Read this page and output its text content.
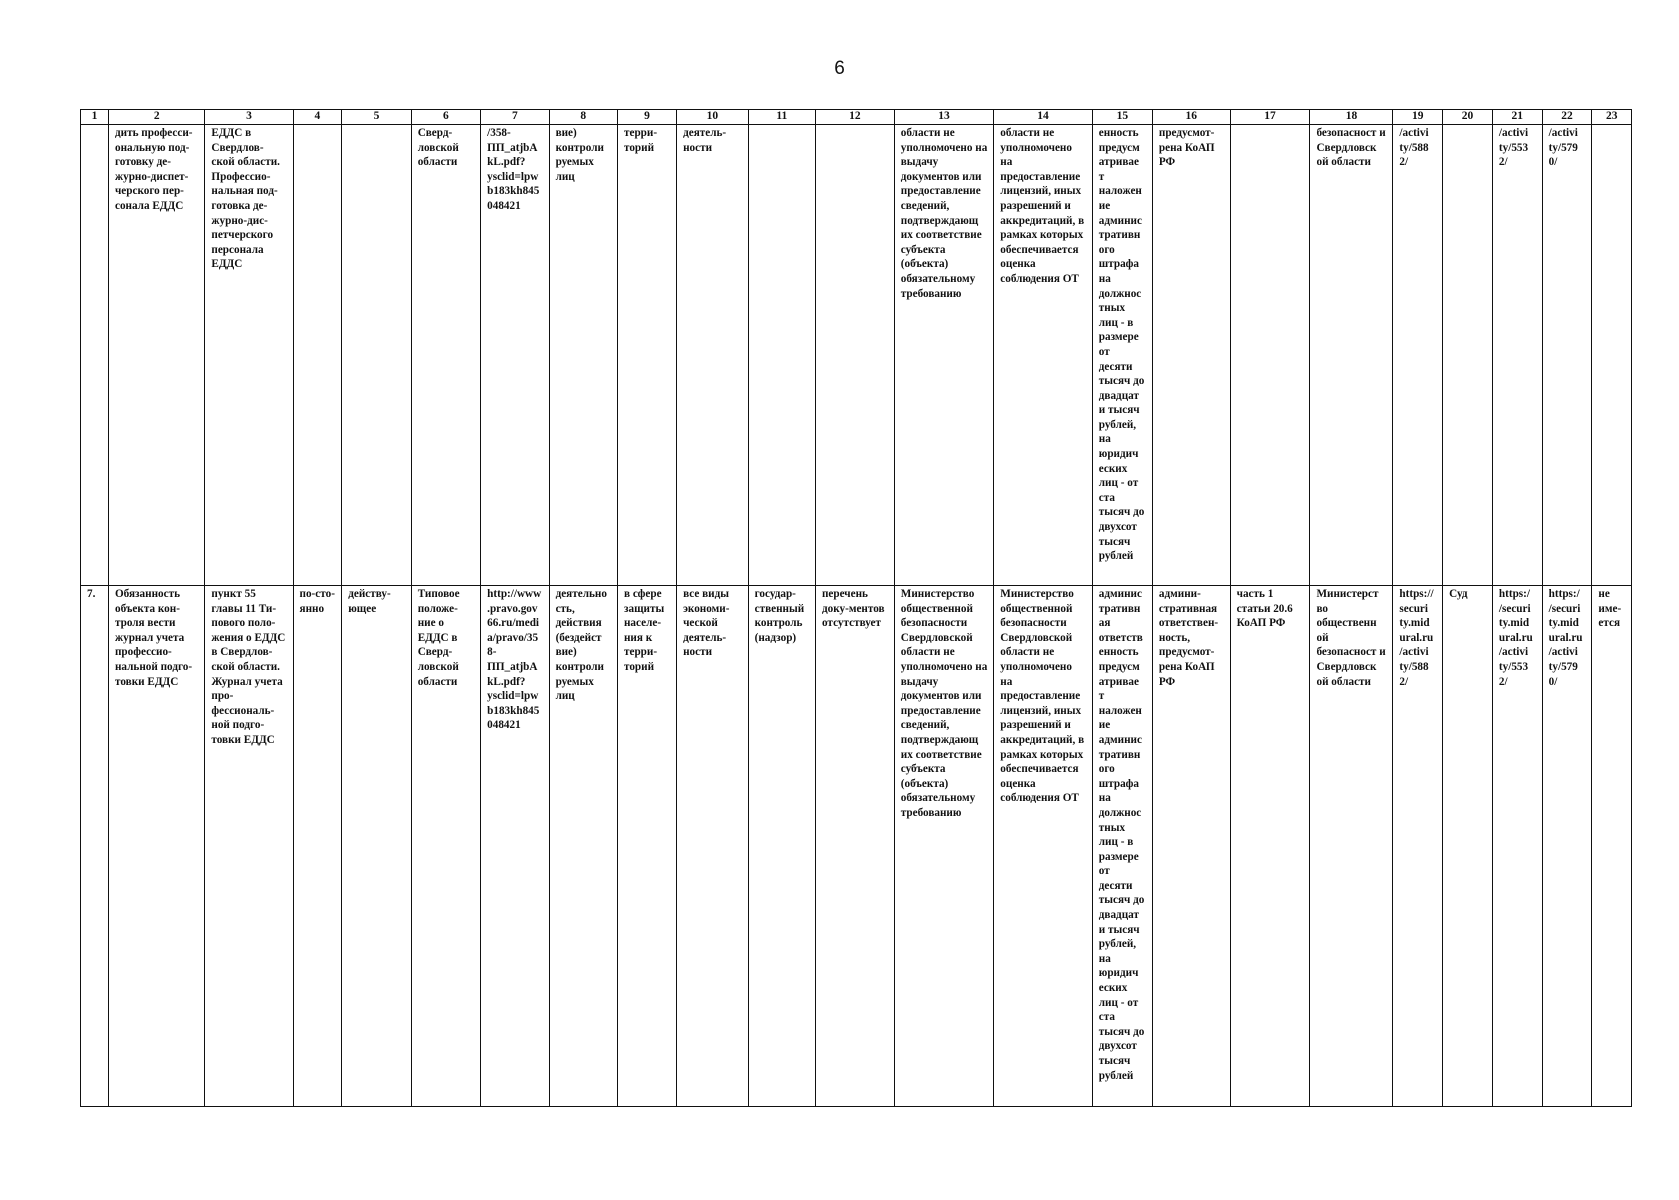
6
1	2	3	4	5	6	7	8	9	10	11	12	13	14	15	16	17	18	19	20	21	22	23
	дить професси-ональную под-готовку де-журно-диспет-черского пер-сонала ЕДДС	ЕДДС в Свердлов-ской области. Профессио-нальная под-готовка де-журно-дис-петчерского персонала ЕДДС			Сверд-ловской области	/358-ПП_atjbAkL.pdf?ysclid=lpwb183kh845048421	вие) контроли руемых лиц	терри-торий	деятель-ности			области не уполномочено на выдачу документов или предоставление сведений, подтверждающ их соответствие субъекта (объекта) обязательному требованию	области не уполномочено на предоставление лицензий, иных разрешений и аккредитаций, в рамках которых обеспечивается оценка соблюдения ОТ	енность предусм атривае т наложен ие админис тративн ого штрафа на должнос тных лиц - в размере от десяти тысяч до двадцат и тысяч рублей, на юридич еских лиц - от ста тысяч до двухсот тысяч рублей	предусмот-рена КоАП РФ		безопасност и Свердловск ой области	/activi ty/588 2/		/activi ty/553 2/	/activi ty/579 0/	
7.	Обязанность объекта кон-троля вести журнал учета профессио-нальной подго-товки ЕДДС	пункт 55 главы 11 Ти-пового поло-жения о ЕДДС в Свердлов-ской области. Журнал учета про-фессиональ-ной подго-товки ЕДДС	по-сто-янно	действу-ющее	Типовое положе-ние о ЕДДС в Сверд-ловской области	http://www.pravo.gov66.ru/media/pravo/358-ПП_atjbAkL.pdf?ysclid=lpwb183kh845048421	деятельно сть, действия (бездейст вие) контроли руемых лиц	в сфере защиты населе-ния к терри-торий	все виды экономи-ческой деятель-ности	государ-ственный контроль (надзор)	перечень доку-ментов отсутствует	Министерство общественной безопасности Свердловской области не уполномочено на выдачу документов или предоставление сведений, подтверждающ их соответствие субъекта (объекта) обязательному требованию	Министерство общественной безопасности Свердловской области не уполномочено на предоставление лицензий, иных разрешений и аккредитаций, в рамках которых обеспечивается оценка соблюдения ОТ	админис тративн ая ответств енность предусм атривае т наложен ие админис тративн ого штрафа на должнос тных лиц - в размере от десяти тысяч до двадцат и тысяч рублей, на юридич еских лиц - от ста тысяч до двухсот тысяч рублей	админи-стративная ответствен-ность, предусмот-рена КоАП РФ	часть 1 статьи 20.6 КоАП РФ	Министерст во общественн ой безопасност и Свердловск ой области	https://securi ty.mid ural.ru /activi ty/588 2/	Суд	https:/ /securi ty.mid ural.ru /activi ty/553 2/	https:/ /securi ty.mid ural.ru /activi ty/579 0/	не име-ется
